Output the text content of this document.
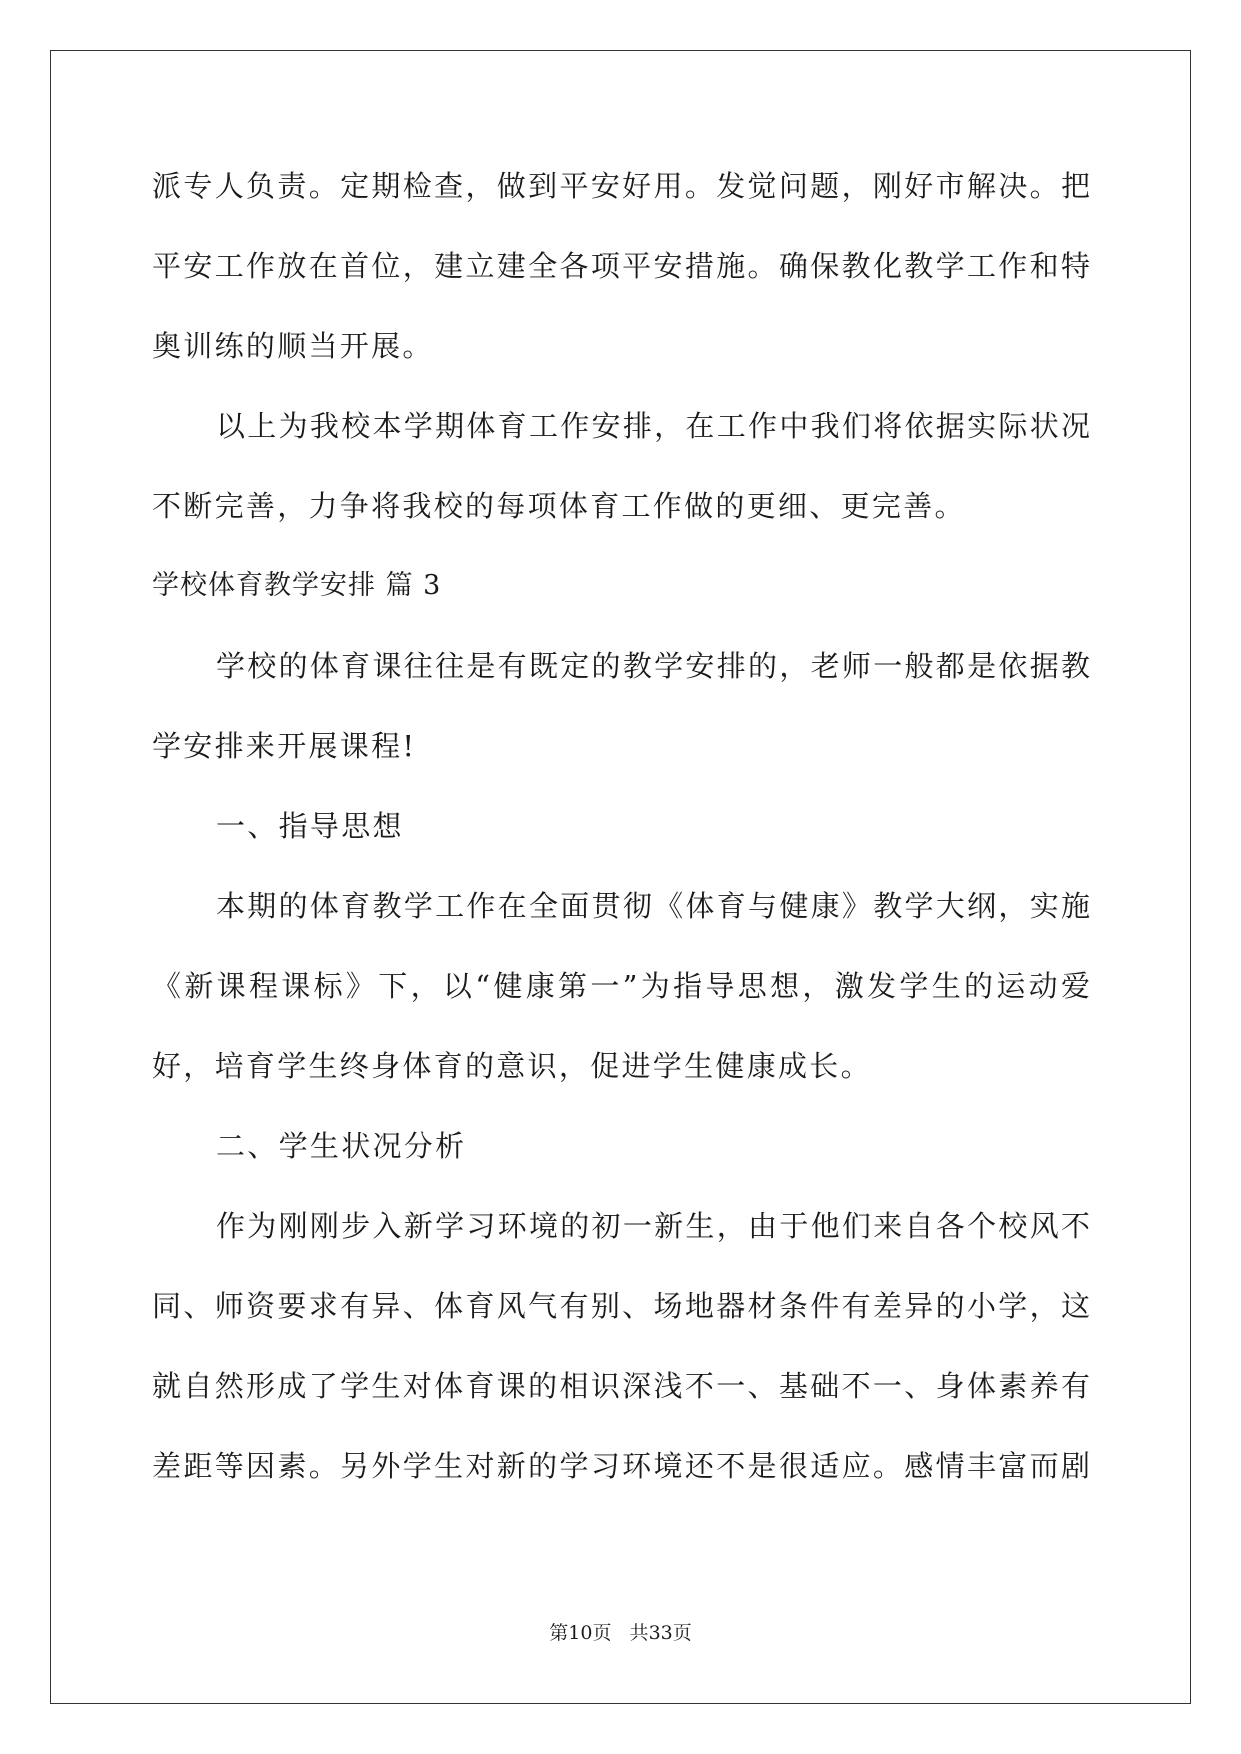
派专人负责。定期检查，做到平安好用。发觉问题，刚好市解决。把
平安工作放在首位，建立建全各项平安措施。确保教化教学工作和特
奥训练的顺当开展。
以上为我校本学期体育工作安排，在工作中我们将依据实际状况
不断完善，力争将我校的每项体育工作做的更细、更完善。
学校体育教学安排 篇 3
学校的体育课往往是有既定的教学安排的，老师一般都是依据教
学安排来开展课程!
一、指导思想
本期的体育教学工作在全面贯彻《体育与健康》教学大纲，实施
《新课程课标》下，以“健康第一”为指导思想，激发学生的运动爱
好，培育学生终身体育的意识，促进学生健康成长。
二、学生状况分析
作为刚刚步入新学习环境的初一新生，由于他们来自各个校风不
同、师资要求有异、体育风气有别、场地器材条件有差异的小学，这
就自然形成了学生对体育课的相识深浅不一、基础不一、身体素养有
差距等因素。另外学生对新的学习环境还不是很适应。感情丰富而剧
第10页   共33页
